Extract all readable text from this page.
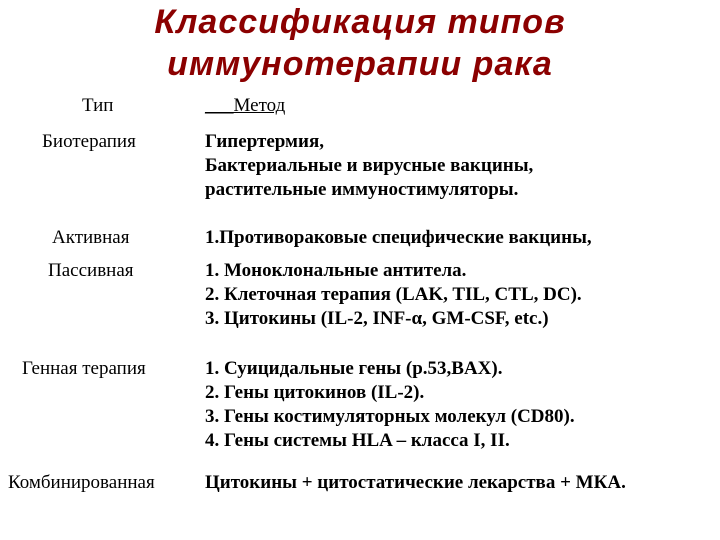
Классификация типов
иммунотерапии рака
Тип	___Метод
Биотерапия	Гипертермия,
Бактериальные и вирусные вакцины,
растительные иммуностимуляторы.
Активная	1.Противораковые специфические вакцины,
Пассивная	1. Моноклональные антитела.
2. Клеточная терапия (LAK, TIL, CTL, DC).
3. Цитокины (IL-2, INF-α, GM-CSF, etc.)
Генная терапия	1. Суицидальные гены (p.53,BAX).
2. Гены цитокинов (IL-2).
3. Гены костимуляторных молекул (CD80).
4. Гены системы HLA – класса I, II.
Комбинированная	Цитокины + цитостатические лекарства + МКА.
